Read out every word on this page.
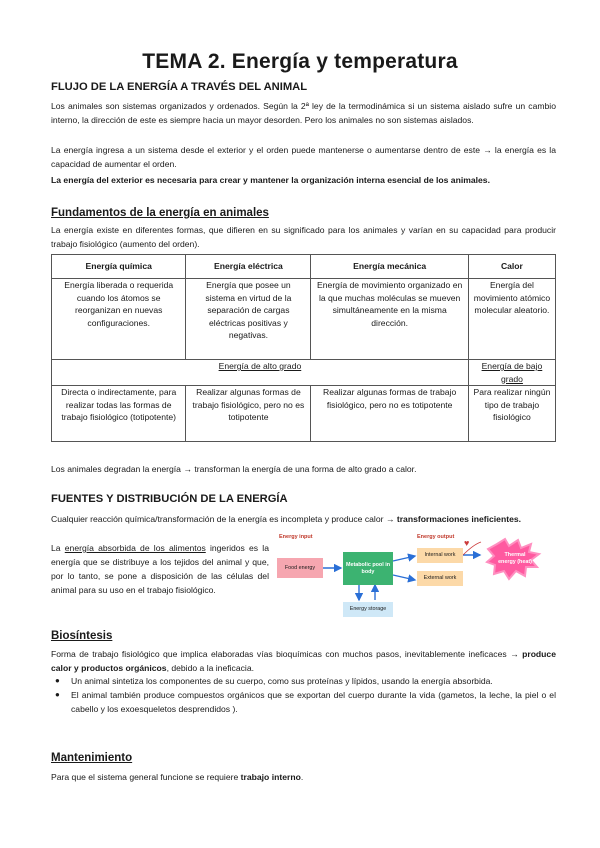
TEMA 2. Energía y temperatura
FLUJO DE LA ENERGÍA A TRAVÉS DEL ANIMAL
Los animales son sistemas organizados y ordenados. Según la 2ª ley de la termodinámica si un sistema aislado sufre un cambio interno, la dirección de este es siempre hacia un mayor desorden. Pero los animales no son sistemas aislados.
La energía ingresa a un sistema desde el exterior y el orden puede mantenerse o aumentarse dentro de este → la energía es la capacidad de aumentar el orden.
La energía del exterior es necesaria para crear y mantener la organización interna esencial de los animales.
Fundamentos de la energía en animales
La energía existe en diferentes formas, que difieren en su significado para los animales y varían en su capacidad para producir trabajo fisiológico (aumento del orden).
Energía química	Energía eléctrica	Energía mecánica	Calor
Energía liberada o requerida cuando los átomos se reorganizan en nuevas configuraciones.	Energía que posee un sistema en virtud de la separación de cargas eléctricas positivas y negativas.	Energía de movimiento organizado en la que muchas moléculas se mueven simultáneamente en la misma dirección.	Energía del movimiento atómico molecular aleatorio.
Energía de alto grado			Energía de bajo grado
Directa o indirectamente, para realizar todas las formas de trabajo fisiológico (totipotente)	Realizar algunas formas de trabajo fisiológico, pero no es totipotente	Realizar algunas formas de trabajo fisiológico, pero no es totipotente	Para realizar ningún tipo de trabajo fisiológico
Los animales degradan la energía → transforman la energía de una forma de alto grado a calor.
FUENTES Y DISTRIBUCIÓN DE LA ENERGÍA
Cualquier reacción química/transformación de la energía es incompleta y produce calor → transformaciones ineficientes.
La energía absorbida de los alimentos ingeridos es la energía que se distribuye a los tejidos del animal y que, por lo tanto, se pone a disposición de las células del animal para su uso en el trabajo fisiológico.
Energy input	Energy output
Food energy	Metabolic pool in body
Internal work
External work
Thermal energy (heat)
Energy storage
♥
Biosíntesis
Forma de trabajo fisiológico que implica elaboradas vías bioquímicas con muchos pasos, inevitablemente ineficaces → produce calor y productos orgánicos, debido a la ineficacia.
● Un animal sintetiza los componentes de su cuerpo, como sus proteínas y lípidos, usando la energía absorbida.
● El animal también produce compuestos orgánicos que se exportan del cuerpo durante la vida (gametos, la leche, la piel o el cabello y los exoesqueletos desprendidos ).
Mantenimiento
Para que el sistema general funcione se requiere trabajo interno.
